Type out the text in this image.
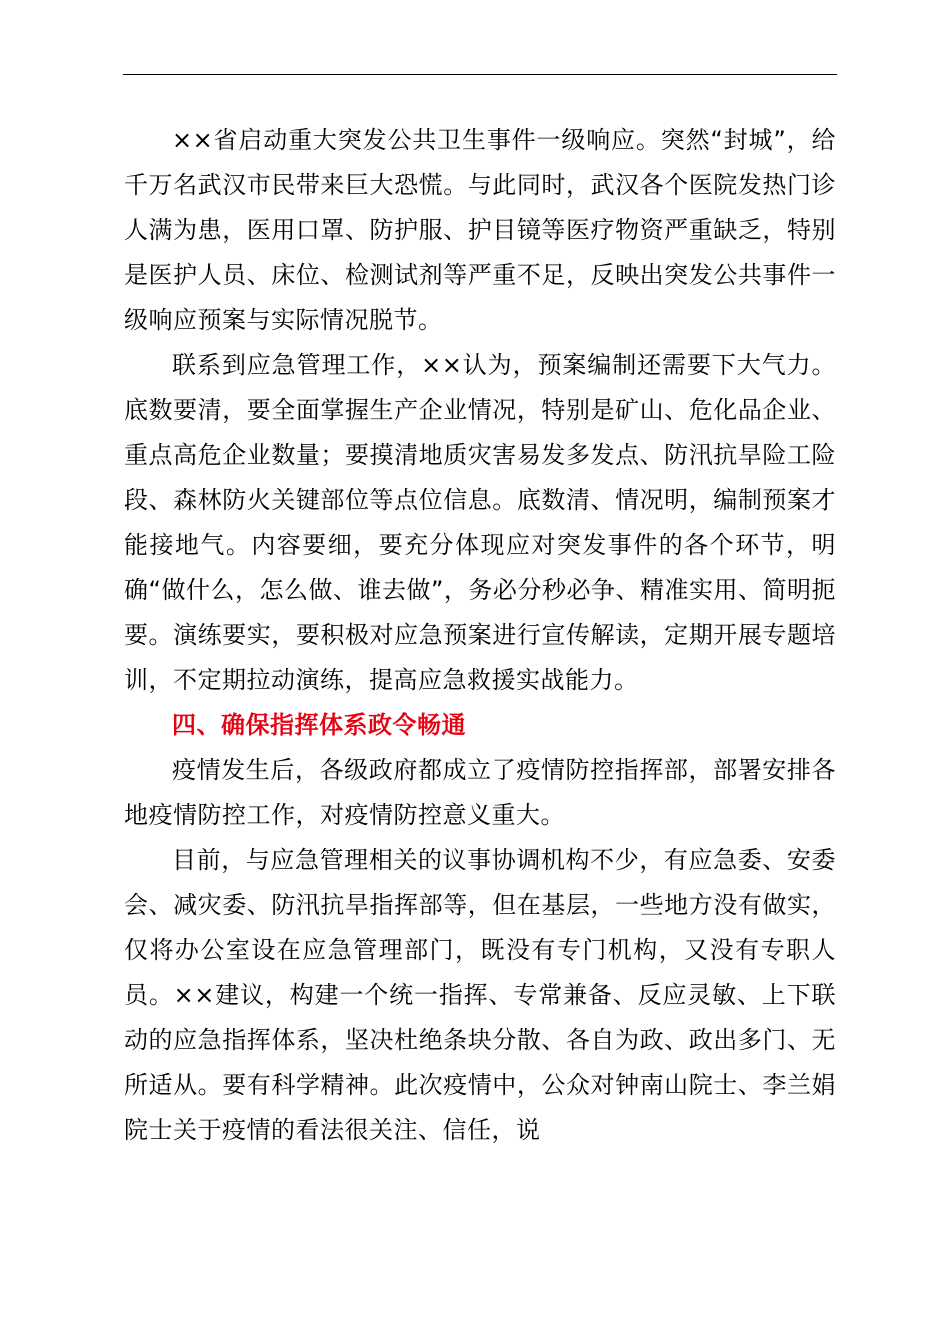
××省启动重大突发公共卫生事件一级响应。突然“封城”，给千万名武汉市民带来巨大恐慌。与此同时，武汉各个医院发热门诊人满为患，医用口罩、防护服、护目镜等医疗物资严重缺乏，特别是医护人员、床位、检测试剂等严重不足，反映出突发公共事件一级响应预案与实际情况脱节。

联系到应急管理工作，××认为，预案编制还需要下大气力。底数要清，要全面掌握生产企业情况，特别是矿山、危化品企业、重点高危企业数量；要摸清地质灾害易发多发点、防汛抗旱险工险段、森林防火关键部位等点位信息。底数清、情况明，编制预案才能接地气。内容要细，要充分体现应对突发事件的各个环节，明确“做什么，怎么做、谁去做”，务必分秒必争、精准实用、简明扼要。演练要实，要积极对应急预案进行宣传解读，定期开展专题培训，不定期拉动演练，提高应急救援实战能力。

四、确保指挥体系政令畅通

疫情发生后，各级政府都成立了疫情防控指挥部，部署安排各地疫情防控工作，对疫情防控意义重大。

目前，与应急管理相关的议事协调机构不少，有应急委、安委会、减灾委、防汛抗旱指挥部等，但在基层，一些地方没有做实，仅将办公室设在应急管理部门，既没有专门机构，又没有专职人员。××建议，构建一个统一指挥、专常兼备、反应灵敏、上下联动的应急指挥体系，坚决杜绝条块分散、各自为政、政出多门、无所适从。要有科学精神。此次疫情中，公众对钟南山院士、李兰娟院士关于疫情的看法很关注、信任，说
